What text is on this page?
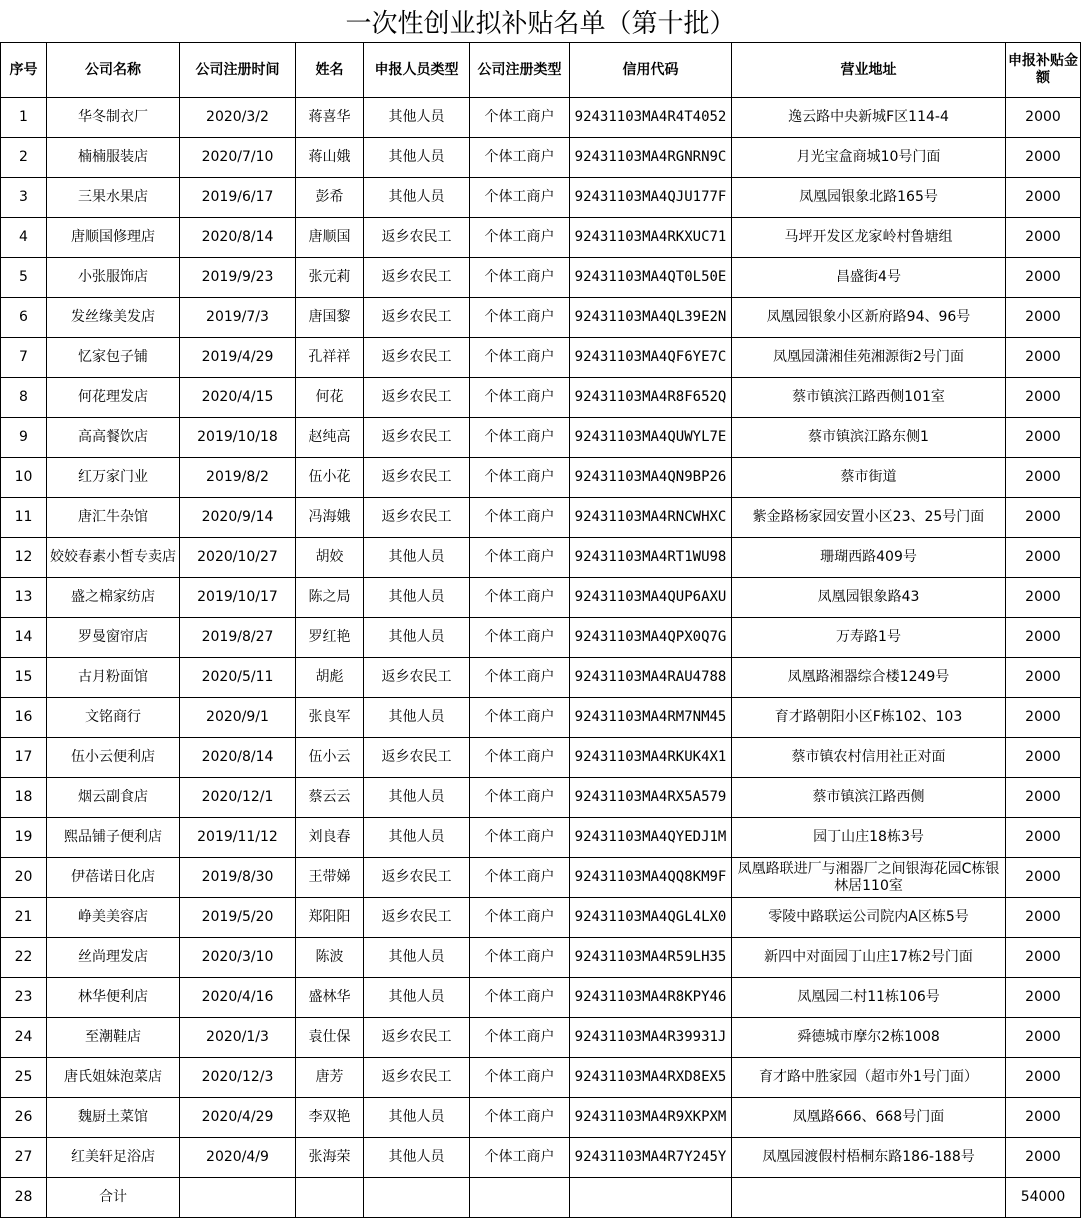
一次性创业拟补贴名单（第十批）
序号	公司名称	公司注册时间	姓名	申报人员类型	公司注册类型	信用代码	营业地址	申报补贴金额
1	华冬制衣厂	2020/3/2	蒋喜华	其他人员	个体工商户	92431103MA4R4T4052	逸云路中央新城F区114-4	2000
2	楠楠服装店	2020/7/10	蒋山娥	其他人员	个体工商户	92431103MA4RGNRN9C	月光宝盒商城10号门面	2000
3	三果水果店	2019/6/17	彭希	其他人员	个体工商户	92431103MA4QJU177F	凤凰园银象北路165号	2000
4	唐顺国修理店	2020/8/14	唐顺国	返乡农民工	个体工商户	92431103MA4RKXUC71	马坪开发区龙家岭村鲁塘组	2000
5	小张服饰店	2019/9/23	张元莉	返乡农民工	个体工商户	92431103MA4QT0L50E	昌盛街4号	2000
6	发丝缘美发店	2019/7/3	唐国黎	返乡农民工	个体工商户	92431103MA4QL39E2N	凤凰园银象小区新府路94、96号	2000
7	忆家包子铺	2019/4/29	孔祥祥	返乡农民工	个体工商户	92431103MA4QF6YE7C	凤凰园潇湘佳苑湘源街2号门面	2000
8	何花理发店	2020/4/15	何花	返乡农民工	个体工商户	92431103MA4R8F652Q	蔡市镇滨江路西侧101室	2000
9	高高餐饮店	2019/10/18	赵纯高	返乡农民工	个体工商户	92431103MA4QUWYL7E	蔡市镇滨江路东侧1	2000
10	红万家门业	2019/8/2	伍小花	返乡农民工	个体工商户	92431103MA4QN9BP26	蔡市街道	2000
11	唐汇牛杂馆	2020/9/14	冯海娥	返乡农民工	个体工商户	92431103MA4RNCWHXC	紫金路杨家园安置小区23、25号门面	2000
12	姣姣春素小皙专卖店	2020/10/27	胡姣	其他人员	个体工商户	92431103MA4RT1WU98	珊瑚西路409号	2000
13	盛之棉家纺店	2019/10/17	陈之局	其他人员	个体工商户	92431103MA4QUP6AXU	凤凰园银象路43	2000
14	罗曼窗帘店	2019/8/27	罗红艳	其他人员	个体工商户	92431103MA4QPX0Q7G	万寿路1号	2000
15	古月粉面馆	2020/5/11	胡彪	返乡农民工	个体工商户	92431103MA4RAU4788	凤凰路湘器综合楼1249号	2000
16	文铭商行	2020/9/1	张良军	其他人员	个体工商户	92431103MA4RM7NM45	育才路朝阳小区F栋102、103	2000
17	伍小云便利店	2020/8/14	伍小云	返乡农民工	个体工商户	92431103MA4RKUK4X1	蔡市镇农村信用社正对面	2000
18	烟云副食店	2020/12/1	蔡云云	其他人员	个体工商户	92431103MA4RX5A579	蔡市镇滨江路西侧	2000
19	熙品铺子便利店	2019/11/12	刘良春	其他人员	个体工商户	92431103MA4QYEDJ1M	园丁山庄18栋3号	2000
20	伊蓓诺日化店	2019/8/30	王带娣	返乡农民工	个体工商户	92431103MA4QQ8KM9F	凤凰路联进厂与湘器厂之间银海花园C栋银林居110室	2000
21	峥美美容店	2019/5/20	郑阳阳	返乡农民工	个体工商户	92431103MA4QGL4LX0	零陵中路联运公司院内A区栋5号	2000
22	丝尚理发店	2020/3/10	陈波	其他人员	个体工商户	92431103MA4R59LH35	新四中对面园丁山庄17栋2号门面	2000
23	林华便利店	2020/4/16	盛林华	其他人员	个体工商户	92431103MA4R8KPY46	凤凰园二村11栋106号	2000
24	至潮鞋店	2020/1/3	袁仕保	返乡农民工	个体工商户	92431103MA4R39931J	舜德城市摩尔2栋1008	2000
25	唐氏姐妹泡菜店	2020/12/3	唐芳	返乡农民工	个体工商户	92431103MA4RXD8EX5	育才路中胜家园（超市外1号门面）	2000
26	魏厨土菜馆	2020/4/29	李双艳	其他人员	个体工商户	92431103MA4R9XKPXM	凤凰路666、668号门面	2000
27	红美轩足浴店	2020/4/9	张海荣	其他人员	个体工商户	92431103MA4R7Y245Y	凤凰园渡假村梧桐东路186-188号	2000
28	合计							54000
